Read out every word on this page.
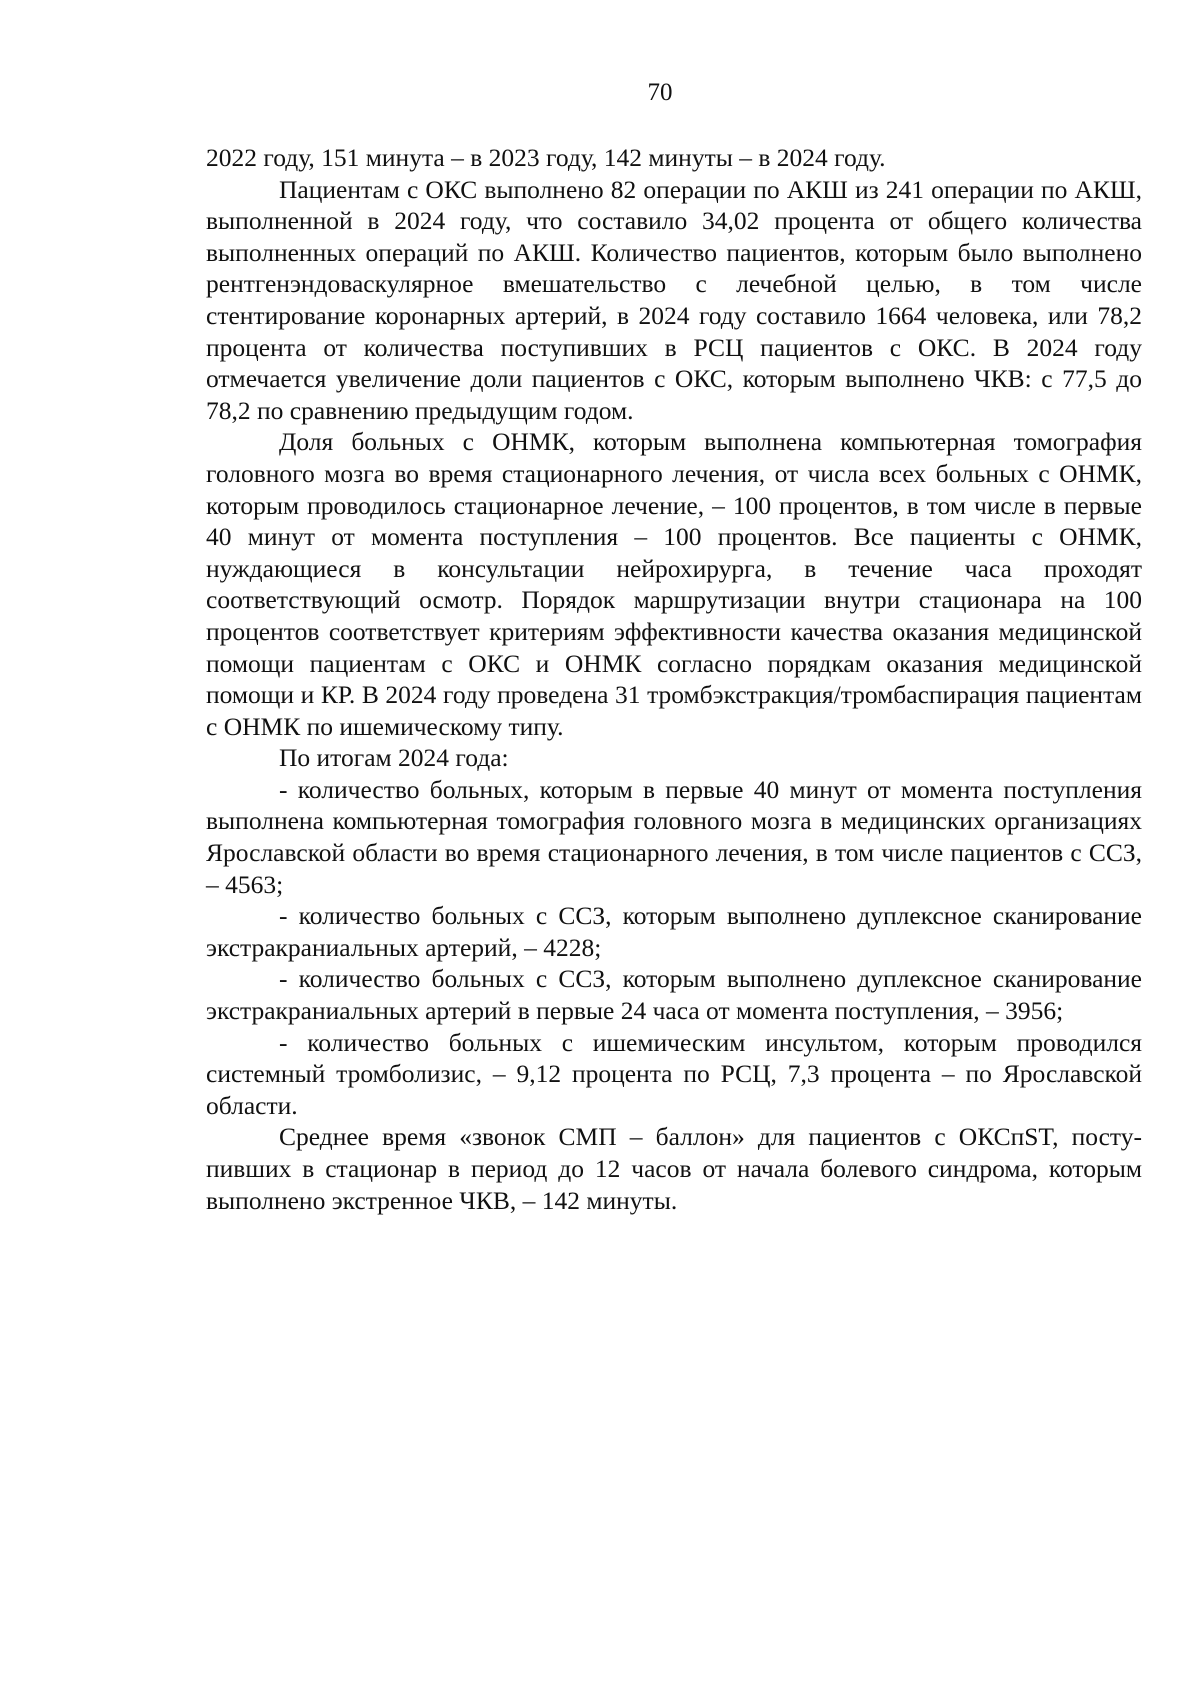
70

2022 году, 151 минута – в 2023 году, 142 минуты – в 2024 году.

Пациентам с ОКС выполнено 82 операции по АКШ из 241 операции по АКШ, выполненной в 2024 году, что составило 34,02 процента от общего количества выполненных операций по АКШ. Количество пациентов, которым было выполнено рентгенэндоваскулярное вмешательство с лечебной целью, в том числе стентирование коронарных артерий, в 2024 году составило 1664 человека, или 78,2 процента от количества поступивших в РСЦ пациентов с ОКС. В 2024 году отмечается увеличение доли пациентов с ОКС, которым выполнено ЧКВ: с 77,5 до 78,2 по сравнению предыдущим годом.

Доля больных с ОНМК, которым выполнена компьютерная томография головного мозга во время стационарного лечения, от числа всех больных с ОНМК, которым проводилось стационарное лечение, – 100 процентов, в том числе в первые 40 минут от момента поступления – 100 процентов. Все пациенты с ОНМК, нуждающиеся в консультации нейрохирурга, в течение часа проходят соответствующий осмотр. Порядок маршрутизации внутри стационара на 100 процентов соответствует критериям эффективности качества оказания медицинской помощи пациентам с ОКС и ОНМК согласно порядкам оказания медицинской помощи и КР. В 2024 году проведена 31 тромбэкстракция/тромбаспирация пациентам с ОНМК по ишемическому типу.

По итогам 2024 года:

- количество больных, которым в первые 40 минут от момента поступления выполнена компьютерная томография головного мозга в медицинских организациях Ярославской области во время стационарного лечения, в том числе пациентов с ССЗ, – 4563;

- количество больных с ССЗ, которым выполнено дуплексное сканирование экстракраниальных артерий, – 4228;

- количество больных с ССЗ, которым выполнено дуплексное сканирование экстракраниальных артерий в первые 24 часа от момента поступления, – 3956;

- количество больных с ишемическим инсультом, которым проводился системный тромболизис, – 9,12 процента по РСЦ, 7,3 процента – по Ярославской области.

Среднее время «звонок СМП – баллон» для пациентов с ОКСпST, поступивших в стационар в период до 12 часов от начала болевого синдрома, которым выполнено экстренное ЧКВ, – 142 минуты.
